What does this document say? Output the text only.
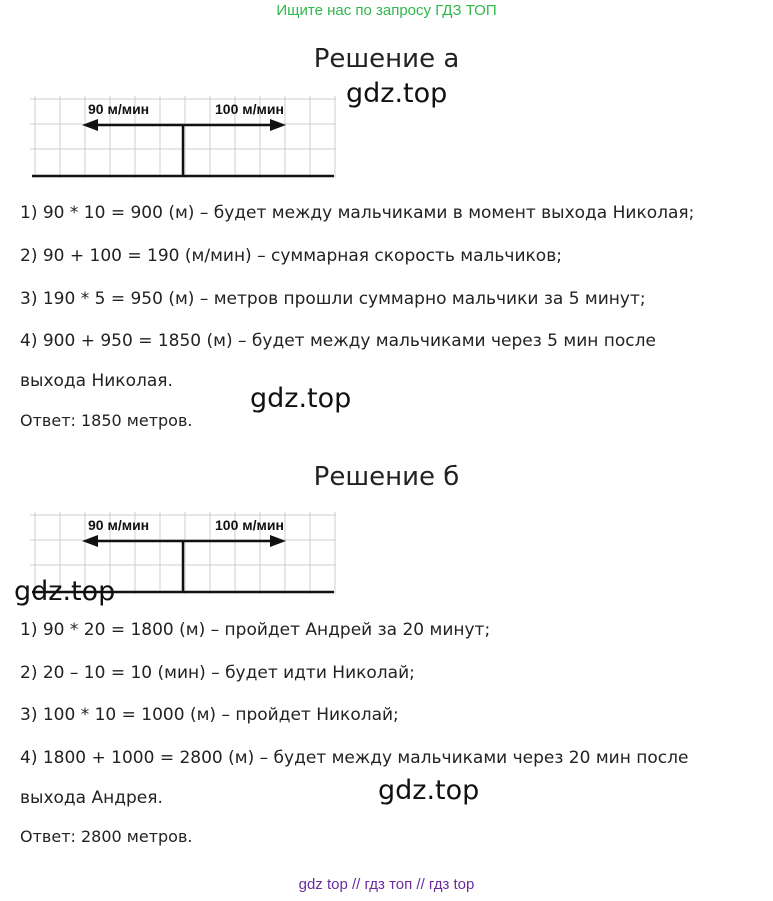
Ищите нас по запросу ГДЗ ТОП
Решение а
gdz.top
90 м/мин	100 м/мин
1) 90 * 10 = 900 (м) – будет между мальчиками в момент выхода Николая;
2) 90 + 100 = 190 (м/мин) – суммарная скорость мальчиков;
3) 190 * 5 = 950 (м) – метров прошли суммарно мальчики за 5 минут;
4) 900 + 950 = 1850 (м) – будет между мальчиками через 5 мин после
выхода Николая.
gdz.top
Ответ: 1850 метров.
Решение б
90 м/мин	100 м/мин
gdz.top
1) 90 * 20 = 1800 (м) – пройдет Андрей за 20 минут;
2) 20 – 10 = 10 (мин) – будет идти Николай;
3) 100 * 10 = 1000 (м) – пройдет Николай;
4) 1800 + 1000 = 2800 (м) – будет между мальчиками через 20 мин после
выхода Андрея.	gdz.top
Ответ: 2800 метров.
gdz top // гдз топ // гдз top
